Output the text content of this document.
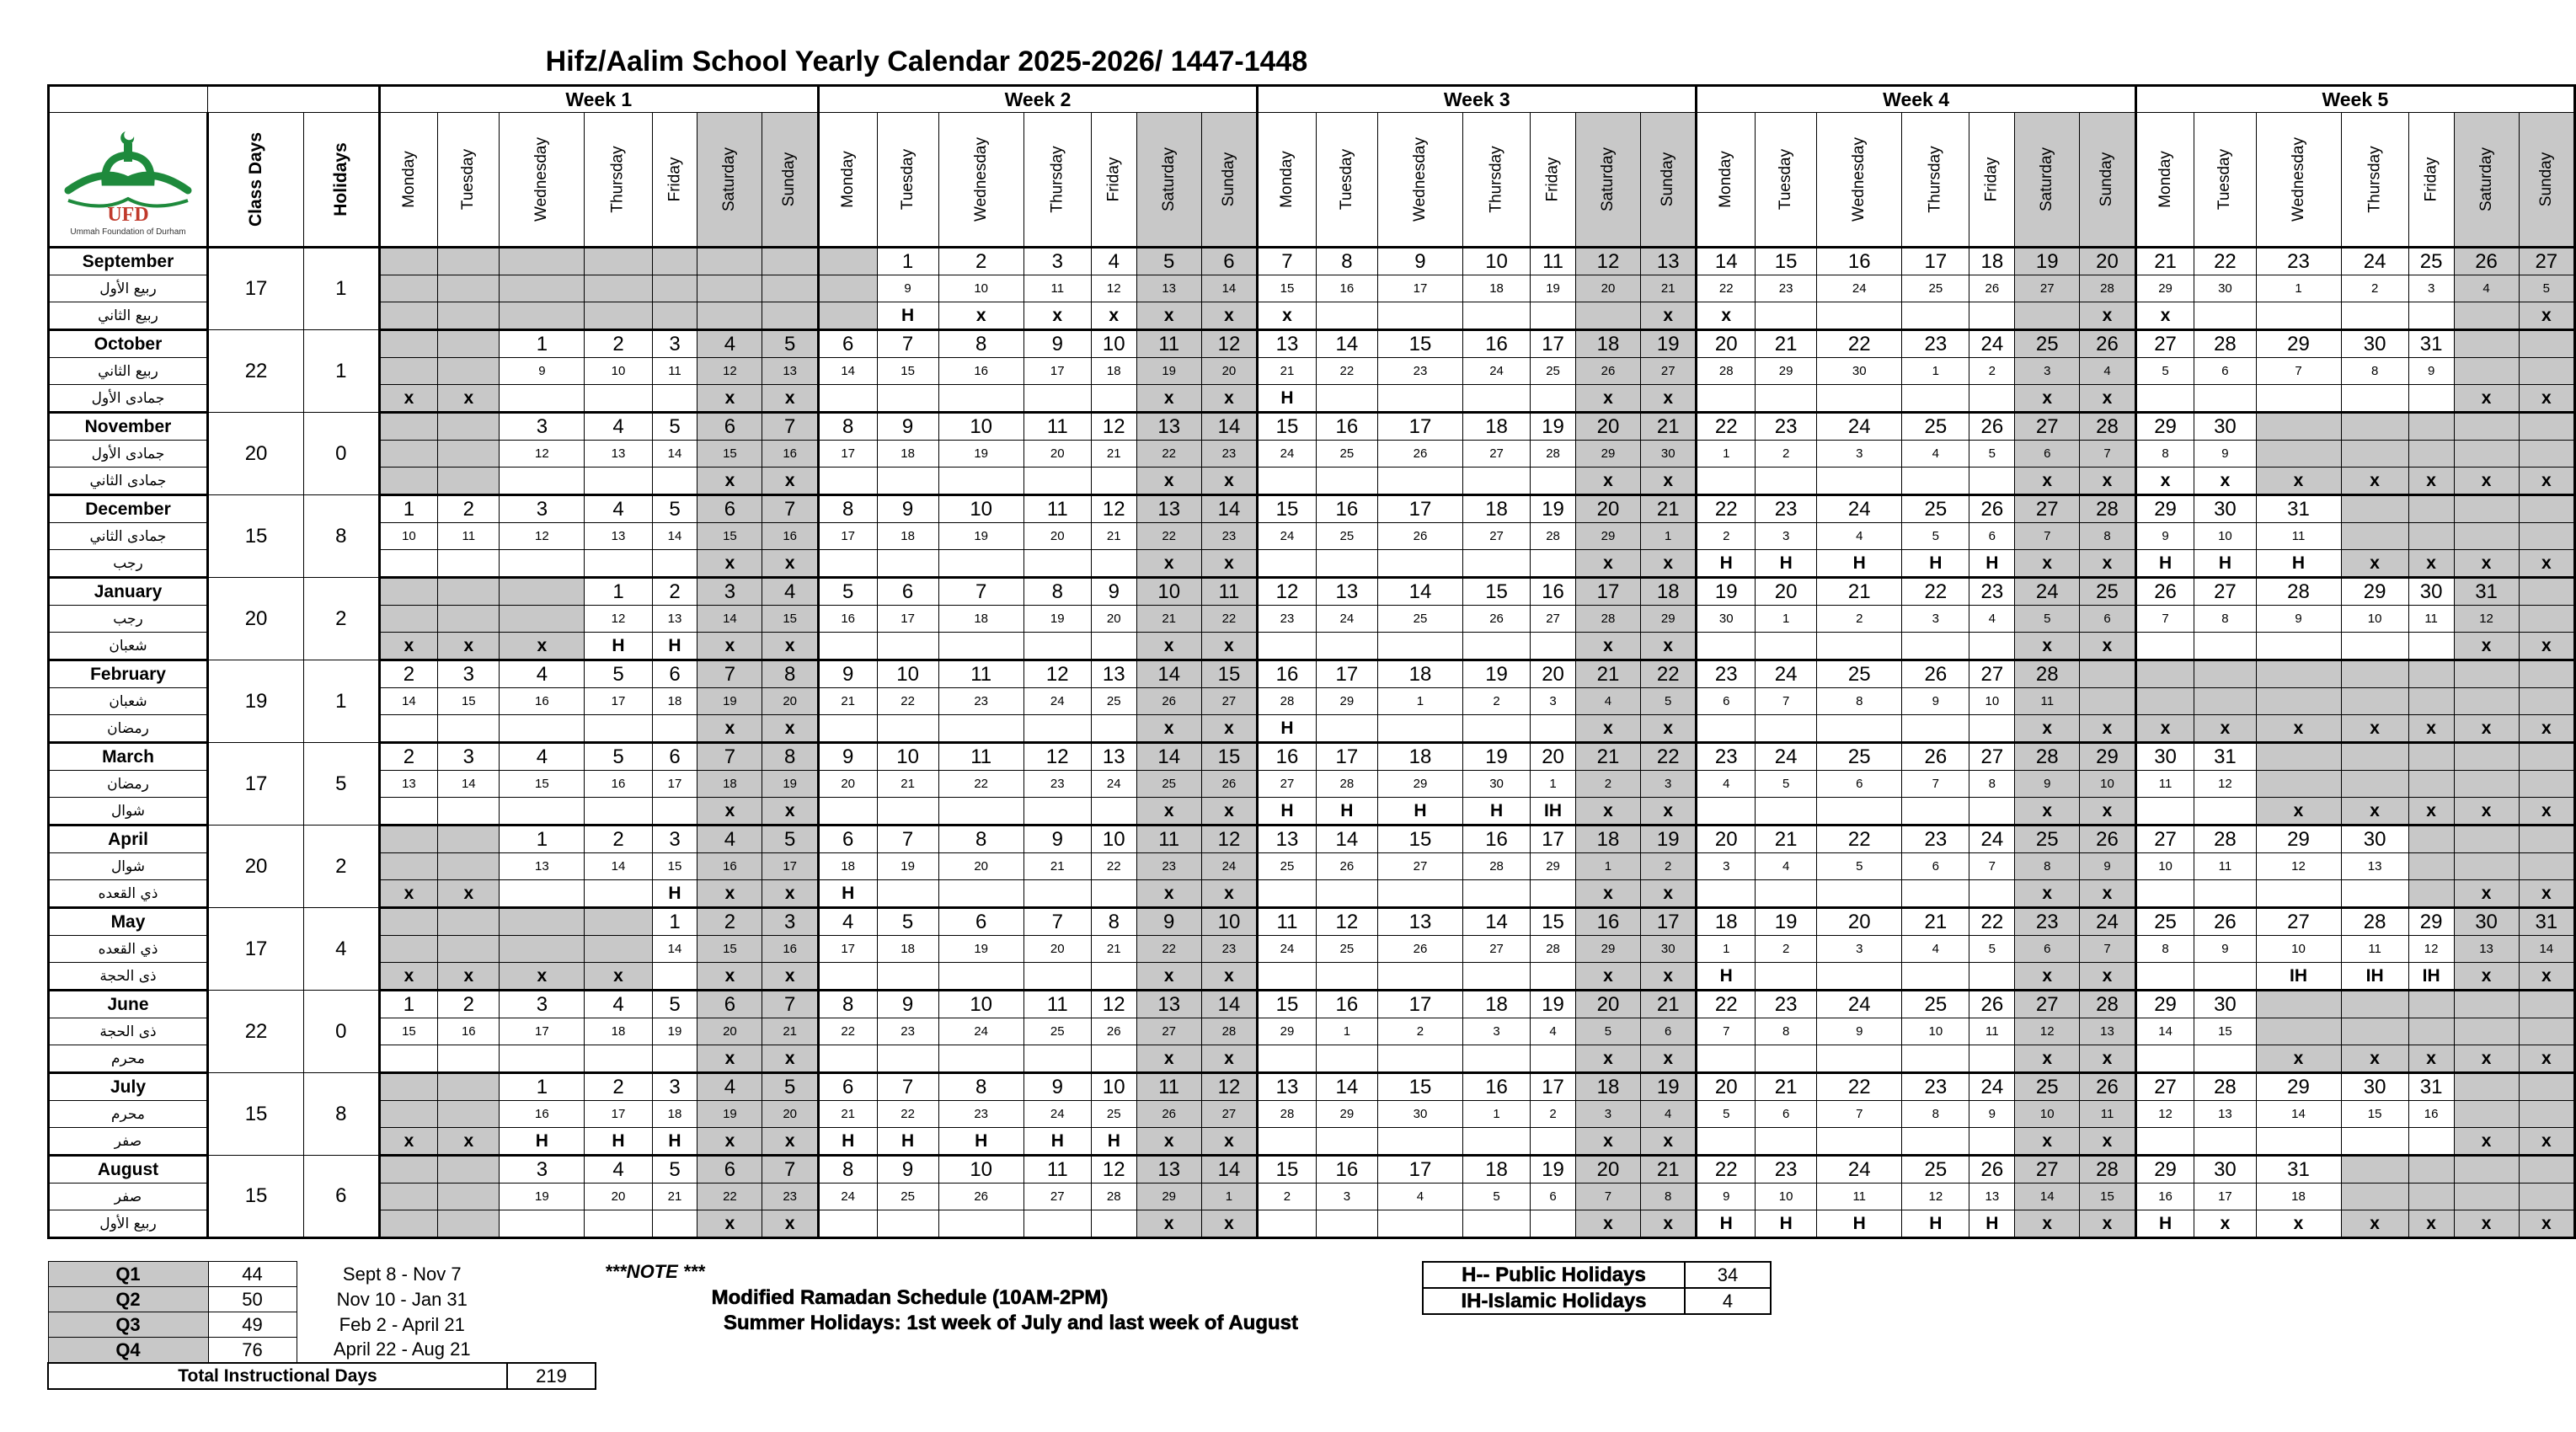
Hifz/Aalim School Yearly Calendar 2025-2026/ 1447-1448
			Week 1							Week 2							Week 3							Week 4							Week 5						

UFD
Ummah Foundation of Durham	Class Days	Holidays	Monday	Tuesday	Wednesday	Thursday	Friday	Saturday	Sunday	Monday	Tuesday	Wednesday	Thursday	Friday	Saturday	Sunday	Monday	Tuesday	Wednesday	Thursday	Friday	Saturday	Sunday	Monday	Tuesday	Wednesday	Thursday	Friday	Saturday	Sunday	Monday	Tuesday	Wednesday	Thursday	Friday	Saturday	Sunday
September	17	1									1	2	3	4	5	6	7	8	9	10	11	12	13	14	15	16	17	18	19	20	21	22	23	24	25	26	27
ربيع الأول											9	10	11	12	13	14	15	16	17	18	19	20	21	22	23	24	25	26	27	28	29	30	1	2	3	4	5
ربيع الثاني											H	x	x	x	x	x	x						x	x						x	x						x
October	22	1			1	2	3	4	5	6	7	8	9	10	11	12	13	14	15	16	17	18	19	20	21	22	23	24	25	26	27	28	29	30	31		
ربيع الثاني					9	10	11	12	13	14	15	16	17	18	19	20	21	22	23	24	25	26	27	28	29	30	1	2	3	4	5	6	7	8	9		
جمادى الأول			x	x				x	x						x	x	H					x	x						x	x						x	x
November	20	0			3	4	5	6	7	8	9	10	11	12	13	14	15	16	17	18	19	20	21	22	23	24	25	26	27	28	29	30					
جمادى الأول					12	13	14	15	16	17	18	19	20	21	22	23	24	25	26	27	28	29	30	1	2	3	4	5	6	7	8	9					
جمادى الثاني								x	x						x	x						x	x						x	x	x	x	x	x	x	x	x
December	15	8	1	2	3	4	5	6	7	8	9	10	11	12	13	14	15	16	17	18	19	20	21	22	23	24	25	26	27	28	29	30	31				
جمادى الثاني			10	11	12	13	14	15	16	17	18	19	20	21	22	23	24	25	26	27	28	29	1	2	3	4	5	6	7	8	9	10	11				
رجب								x	x						x	x						x	x	H	H	H	H	H	x	x	H	H	H	x	x	x	x
January	20	2				1	2	3	4	5	6	7	8	9	10	11	12	13	14	15	16	17	18	19	20	21	22	23	24	25	26	27	28	29	30	31	
رجب						12	13	14	15	16	17	18	19	20	21	22	23	24	25	26	27	28	29	30	1	2	3	4	5	6	7	8	9	10	11	12	
شعبان			x	x	x	H	H	x	x						x	x						x	x						x	x						x	x
February	19	1	2	3	4	5	6	7	8	9	10	11	12	13	14	15	16	17	18	19	20	21	22	23	24	25	26	27	28								
شعبان			14	15	16	17	18	19	20	21	22	23	24	25	26	27	28	29	1	2	3	4	5	6	7	8	9	10	11								
رمضان								x	x						x	x	H					x	x						x	x	x	x	x	x	x	x	x
March	17	5	2	3	4	5	6	7	8	9	10	11	12	13	14	15	16	17	18	19	20	21	22	23	24	25	26	27	28	29	30	31					
رمضان			13	14	15	16	17	18	19	20	21	22	23	24	25	26	27	28	29	30	1	2	3	4	5	6	7	8	9	10	11	12					
شوال								x	x						x	x	H	H	H	H	IH	x	x						x	x			x	x	x	x	x
April	20	2			1	2	3	4	5	6	7	8	9	10	11	12	13	14	15	16	17	18	19	20	21	22	23	24	25	26	27	28	29	30			
شوال					13	14	15	16	17	18	19	20	21	22	23	24	25	26	27	28	29	1	2	3	4	5	6	7	8	9	10	11	12	13			
ذي القعده			x	x			H	x	x	H					x	x						x	x						x	x						x	x
May	17	4					1	2	3	4	5	6	7	8	9	10	11	12	13	14	15	16	17	18	19	20	21	22	23	24	25	26	27	28	29	30	31
ذي القعده							14	15	16	17	18	19	20	21	22	23	24	25	26	27	28	29	30	1	2	3	4	5	6	7	8	9	10	11	12	13	14
ذى الحجة			x	x	x	x		x	x						x	x						x	x	H					x	x			IH	IH	IH	x	x
June	22	0	1	2	3	4	5	6	7	8	9	10	11	12	13	14	15	16	17	18	19	20	21	22	23	24	25	26	27	28	29	30					
ذى الحجة			15	16	17	18	19	20	21	22	23	24	25	26	27	28	29	1	2	3	4	5	6	7	8	9	10	11	12	13	14	15					
محرم								x	x						x	x						x	x						x	x			x	x	x	x	x
July	15	8			1	2	3	4	5	6	7	8	9	10	11	12	13	14	15	16	17	18	19	20	21	22	23	24	25	26	27	28	29	30	31		
محرم					16	17	18	19	20	21	22	23	24	25	26	27	28	29	30	1	2	3	4	5	6	7	8	9	10	11	12	13	14	15	16		
صفر			x	x	H	H	H	x	x	H	H	H	H	H	x	x						x	x						x	x						x	x
August	15	6			3	4	5	6	7	8	9	10	11	12	13	14	15	16	17	18	19	20	21	22	23	24	25	26	27	28	29	30	31				
صفر					19	20	21	22	23	24	25	26	27	28	29	1	2	3	4	5	6	7	8	9	10	11	12	13	14	15	16	17	18				
ربيع الأول								x	x						x	x						x	x	H	H	H	H	H	x	x	H	x	x	x	x	x	x
Q1	44	Sept 8 - Nov 7	
Q2	50	Nov 10 - Jan 31	
Q3	49	Feb 2 - April 21	
Q4	76	April 22 - Aug 21	
Total Instructional Days			219
***NOTE ***
Modified Ramadan Schedule (10AM-2PM)
Summer Holidays: 1st week of July and last week of August
H-- Public Holidays	34
IH-Islamic Holidays	4
